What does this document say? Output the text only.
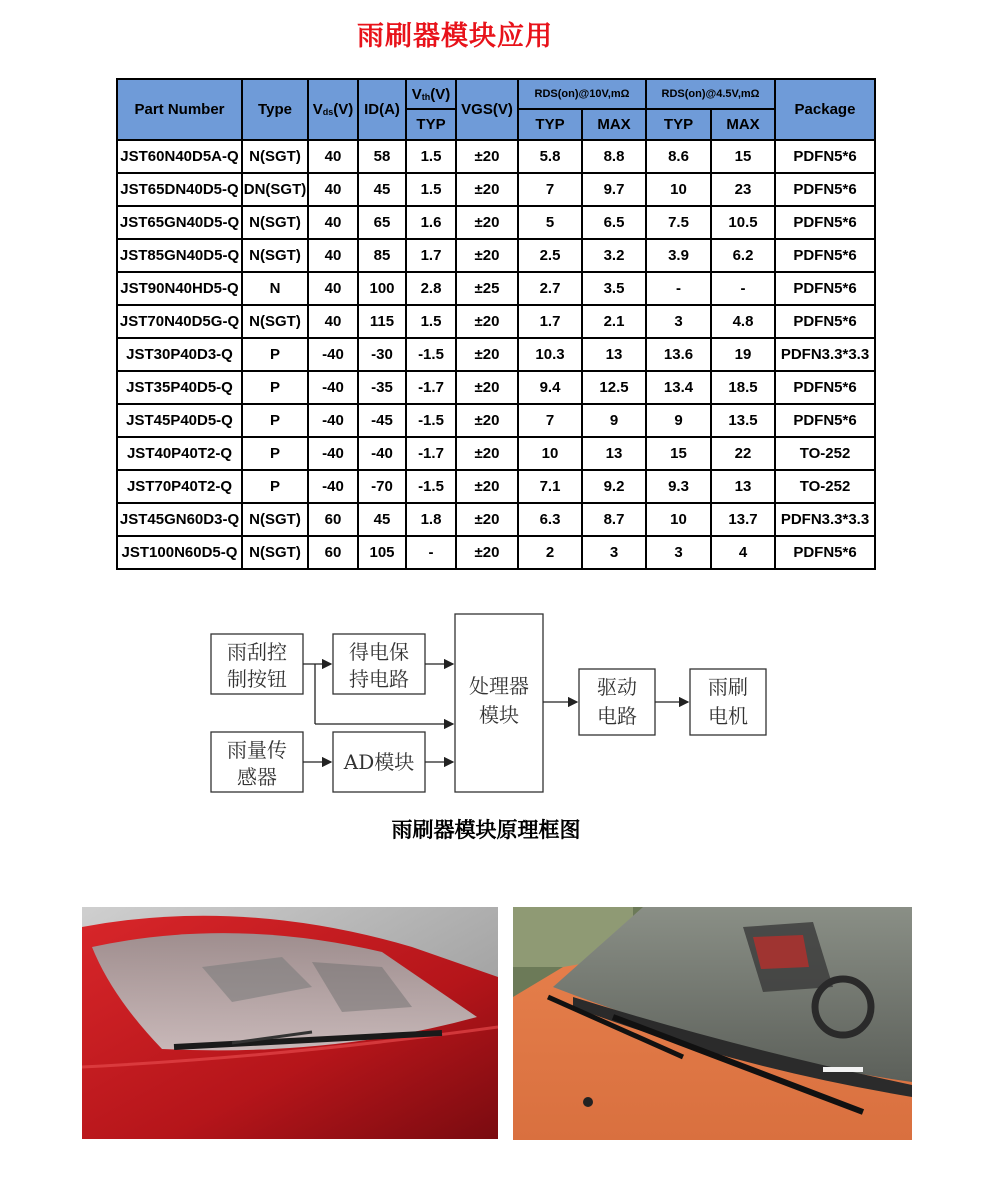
雨刷器模块应用
Part Number	Type	$V_{ds}(V)$	ID(A)	$V_{th}(V)$	VGS(V)	RDS(on)@10V,mΩ		RDS(on)@4.5V,mΩ		Package
				TYP		TYP	MAX	TYP	MAX	
JST60N40D5A-Q	N(SGT)	40	58	1.5	±20	5.8	8.8	8.6	15	PDFN5*6
JST65DN40D5-Q	DN(SGT)	40	45	1.5	±20	7	9.7	10	23	PDFN5*6
JST65GN40D5-Q	N(SGT)	40	65	1.6	±20	5	6.5	7.5	10.5	PDFN5*6
JST85GN40D5-Q	N(SGT)	40	85	1.7	±20	2.5	3.2	3.9	6.2	PDFN5*6
JST90N40HD5-Q	N	40	100	2.8	±25	2.7	3.5	-	-	PDFN5*6
JST70N40D5G-Q	N(SGT)	40	115	1.5	±20	1.7	2.1	3	4.8	PDFN5*6
JST30P40D3-Q	P	-40	-30	-1.5	±20	10.3	13	13.6	19	PDFN3.3*3.3
JST35P40D5-Q	P	-40	-35	-1.7	±20	9.4	12.5	13.4	18.5	PDFN5*6
JST45P40D5-Q	P	-40	-45	-1.5	±20	7	9	9	13.5	PDFN5*6
JST40P40T2-Q	P	-40	-40	-1.7	±20	10	13	15	22	TO-252
JST70P40T2-Q	P	-40	-70	-1.5	±20	7.1	9.2	9.3	13	TO-252
JST45GN60D3-Q	N(SGT)	60	45	1.8	±20	6.3	8.7	10	13.7	PDFN3.3*3.3
JST100N60D5-Q	N(SGT)	60	105	-	±20	2	3	3	4	PDFN5*6
雨刮控
制按钮
得电保
持电路
雨量传
感器
AD模块
处理器
模块
驱动
电路
雨刷
电机
雨刷器模块原理框图
